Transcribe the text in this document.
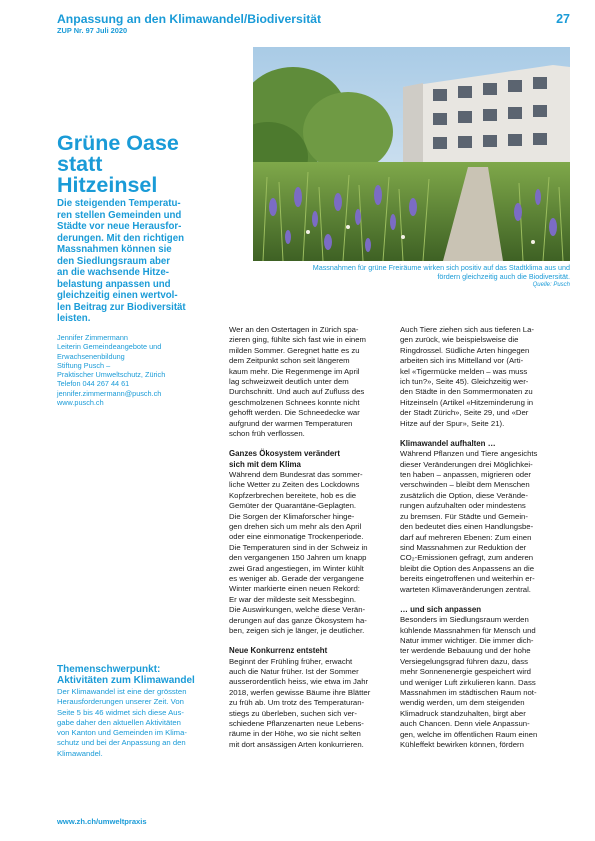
Anpassung an den Klimawandel/Biodiversität
ZUP Nr. 97 Juli 2020
27
Massnahmen für grüne Freiräume wirken sich positiv auf das Stadtklima aus und
fördern gleichzeitig auch die Biodiversität.
Quelle: Pusch
Grüne Oase
statt
Hitzeinsel
Die steigenden Temperatu-
ren stellen Gemeinden und
Städte vor neue Herausfor-
derungen. Mit den richtigen
Massnahmen können sie
den Siedlungsraum aber
an die wachsende Hitze-
belastung anpassen und
gleichzeitig einen wertvol-
len Beitrag zur Biodiversität
leisten.
Jennifer Zimmermann
Leiterin Gemeindeangebote und
Erwachsenenbildung
Stiftung Pusch –
Praktischer Umweltschutz, Zürich
Telefon 044 267 44 61
jennifer.zimmermann@pusch.ch
www.pusch.ch
Themenschwerpunkt:
Aktivitäten zum Klimawandel
Der Klimawandel ist eine der grössten
Herausforderungen unserer Zeit. Von
Seite 5 bis 46 widmet sich diese Aus-
gabe daher den aktuellen Aktivitäten
von Kanton und Gemeinden im Klima-
schutz und bei der Anpassung an den
Klimawandel.

Wer an den Ostertagen in Zürich spa-

zieren ging, fühlte sich fast wie in einem

milden Sommer. Geregnet hatte es zu

dem Zeitpunkt schon seit längerem

kaum mehr. Die Regenmenge im April

lag schweizweit deutlich unter dem

Durchschnitt. Und auch auf Zufluss des

geschmolzenen Schnees konnte nicht

gehofft werden. Die Schneedecke war

aufgrund der warmen Temperaturen

schon früh verflossen.

Ganzes Ökosystem verändert
sich mit dem Klima

Während dem Bundesrat das sommer-

liche Wetter zu Zeiten des Lockdowns

Kopfzerbrechen bereitete, hob es die

Gemüter der Quarantäne-Geplagten.

Die Sorgen der Klimaforscher hinge-

gen drehen sich um mehr als den April

oder eine einmonatige Trockenperiode.

Die Temperaturen sind in der Schweiz in

den vergangenen 150 Jahren um knapp

zwei Grad angestiegen, im Winter kühlt

es weniger ab. Gerade der vergangene

Winter markierte einen neuen Rekord:

Er war der mildeste seit Messbeginn.

Die Auswirkungen, welche diese Verän-

derungen auf das ganze Ökosystem ha-

ben, zeigen sich je länger, je deutlicher.

Neue Konkurrenz entsteht

Beginnt der Frühling früher, erwacht

auch die Natur früher. Ist der Sommer

ausserordentlich heiss, wie etwa im Jahr

2018, werfen gewisse Bäume ihre Blätter

zu früh ab. Um trotz des Temperaturan-

stiegs zu überleben, suchen sich ver-

schiedene Pflanzenarten neue Lebens-

räume in der Höhe, wo sie nicht selten

mit dort ansässigen Arten konkurrieren.

Auch Tiere ziehen sich aus tieferen La-

gen zurück, wie beispielsweise die

Ringdrossel. Südliche Arten hingegen

arbeiten sich ins Mittelland vor (Arti-

kel «Tigermücke melden – was muss

ich tun?», Seite 45). Gleichzeitig wer-

den Städte in den Sommermonaten zu

Hitzeinseln (Artikel «Hitzeminderung in

der Stadt Zürich», Seite 29, und «Der

Hitze auf der Spur», Seite 21).

Klimawandel aufhalten …

Während Pflanzen und Tiere angesichts

dieser Veränderungen drei Möglichkei-

ten haben – anpassen, migrieren oder

verschwinden – bleibt dem Menschen

zusätzlich die Option, diese Verände-

rungen aufzuhalten oder mindestens

zu bremsen. Für Städte und Gemein-

den bedeutet dies einen Handlungsbe-

darf auf mehreren Ebenen: Zum einen

sind Massnahmen zur Reduktion der

CO₂-Emissionen gefragt, zum anderen

bleibt die Option des Anpassens an die

bereits eingetroffenen und weiterhin er-

warteten Klimaveränderungen zentral.

… und sich anpassen

Besonders im Siedlungsraum werden

kühlende Massnahmen für Mensch und

Natur immer wichtiger. Die immer dich-

ter werdende Bebauung und der hohe

Versiegelungsgrad führen dazu, dass

mehr Sonnenenergie gespeichert wird

und weniger Luft zirkulieren kann. Dass

Massnahmen im städtischen Raum not-

wendig werden, um dem steigenden

Klimadruck standzuhalten, birgt aber

auch Chancen. Denn viele Anpassun-

gen, welche im öffentlichen Raum einen

Kühleffekt bewirken können, fördern

www.zh.ch/umweltpraxis
